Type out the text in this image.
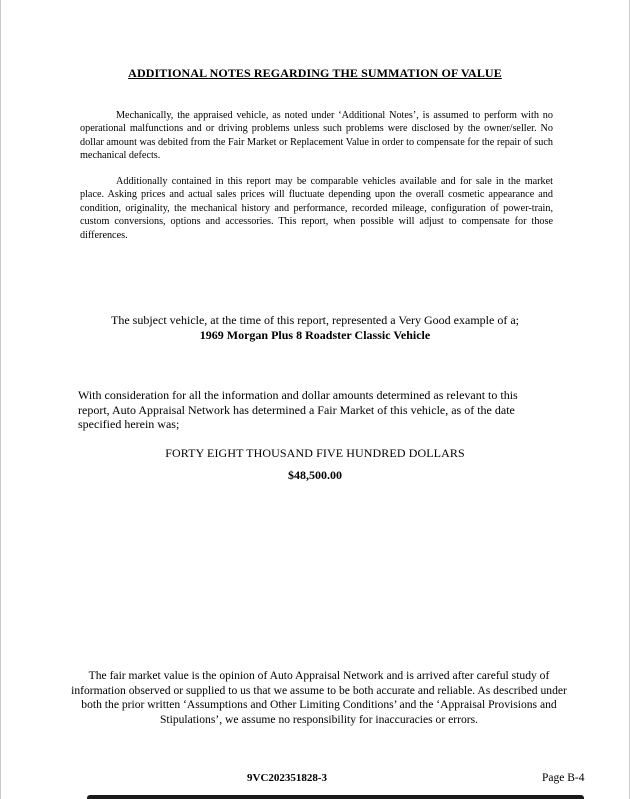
ADDITIONAL NOTES REGARDING THE SUMMATION OF VALUE
Mechanically, the appraised vehicle, as noted under ‘Additional Notes’, is assumed to perform with no operational malfunctions and or driving problems unless such problems were disclosed by the owner/seller. No dollar amount was debited from the Fair Market or Replacement Value in order to compensate for the repair of such mechanical defects.
Additionally contained in this report may be comparable vehicles available and for sale in the market place. Asking prices and actual sales prices will fluctuate depending upon the overall cosmetic appearance and condition, originality, the mechanical history and performance, recorded mileage, configuration of power-train, custom conversions, options and accessories. This report, when possible will adjust to compensate for those differences.
The subject vehicle, at the time of this report, represented a Very Good example of a;
1969 Morgan Plus 8 Roadster Classic Vehicle
With consideration for all the information and dollar amounts determined as relevant to this report, Auto Appraisal Network has determined a Fair Market of this vehicle, as of the date specified herein was;
FORTY EIGHT THOUSAND FIVE HUNDRED DOLLARS
$48,500.00
The fair market value is the opinion of Auto Appraisal Network and is arrived after careful study of information observed or supplied to us that we assume to be both accurate and reliable. As described under both the prior written ‘Assumptions and Other Limiting Conditions’ and the ‘Appraisal Provisions and Stipulations’, we assume no responsibility for inaccuracies or errors.
9VC202351828-3	Page B-4
